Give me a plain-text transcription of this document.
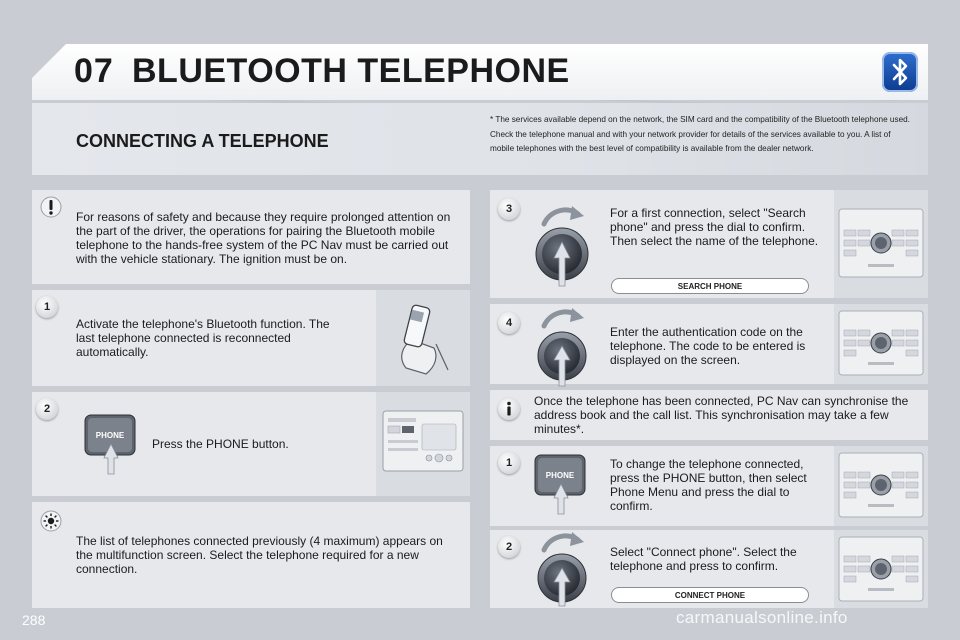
07 BLUETOOTH TELEPHONE
CONNECTING A TELEPHONE
* The services available depend on the network, the SIM card and the compatibility of the Bluetooth telephone used. Check the telephone manual and with your network provider for details of the services available to you. A list of mobile telephones with the best level of compatibility is available from the dealer network.
For reasons of safety and because they require prolonged attention on the part of the driver, the operations for pairing the Bluetooth mobile telephone to the hands-free system of the PC Nav must be carried out with the vehicle stationary. The ignition must be on.
1
Activate the telephone's Bluetooth function. The last telephone connected is reconnected automatically.
2
PHONE
Press the PHONE button.
The list of telephones connected previously (4 maximum) appears on the multifunction screen. Select the telephone required for a new connection.
3	For a first connection, select "Search phone" and press the dial to confirm. Then select the name of the telephone.
SEARCH PHONE
4
Enter the authentication code on the telephone. The code to be entered is displayed on the screen.
Once the telephone has been connected, PC Nav can synchronise the address book and the call list. This synchronisation may take a few minutes*.
1
PHONE
To change the telephone connected, press the PHONE button, then select Phone Menu and press the dial to confirm.
2	Select "Connect phone". Select the telephone and press to confirm.
CONNECT PHONE
288	carmanualsonline.info
